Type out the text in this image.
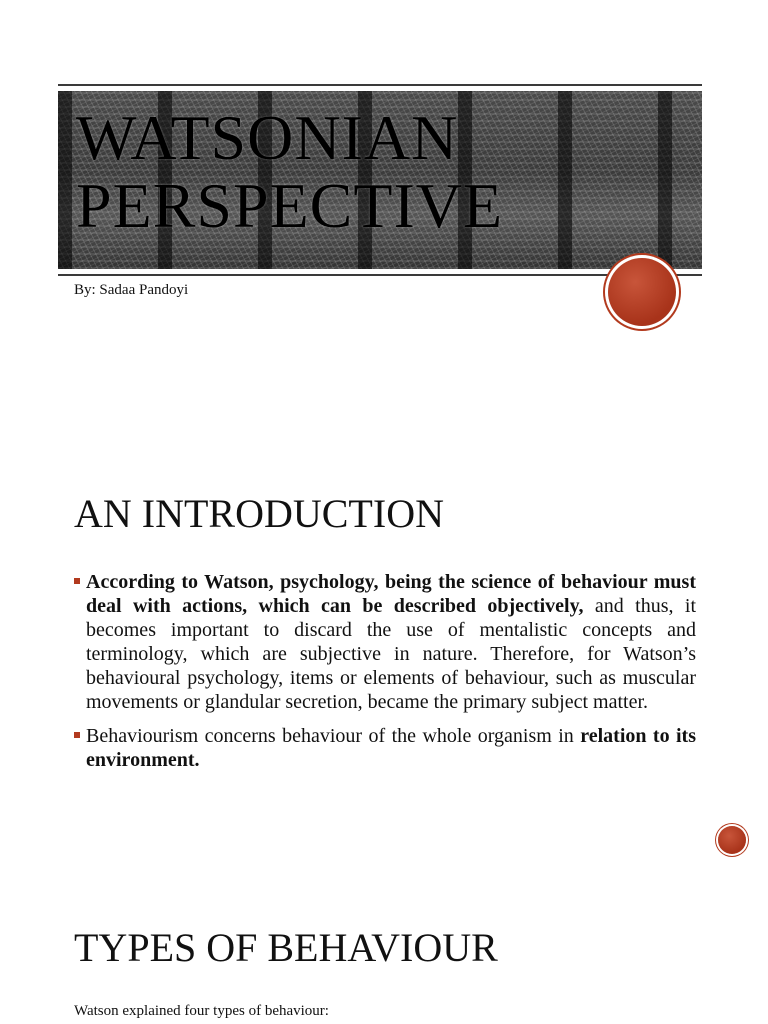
WATSONIAN
PERSPECTIVE
By: Sadaa Pandoyi
AN INTRODUCTION
According to Watson, psychology, being the science of behaviour must deal with actions, which can be described objectively, and thus, it becomes important to discard the use of mentalistic concepts and terminology, which are subjective in nature. Therefore, for Watson’s behavioural psychology, items or elements of behaviour, such as muscular movements or glandular secretion, became the primary subject matter.
Behaviourism concerns behaviour of the whole organism in relation to its environment.
TYPES OF BEHAVIOUR
Watson explained four types of behaviour:
